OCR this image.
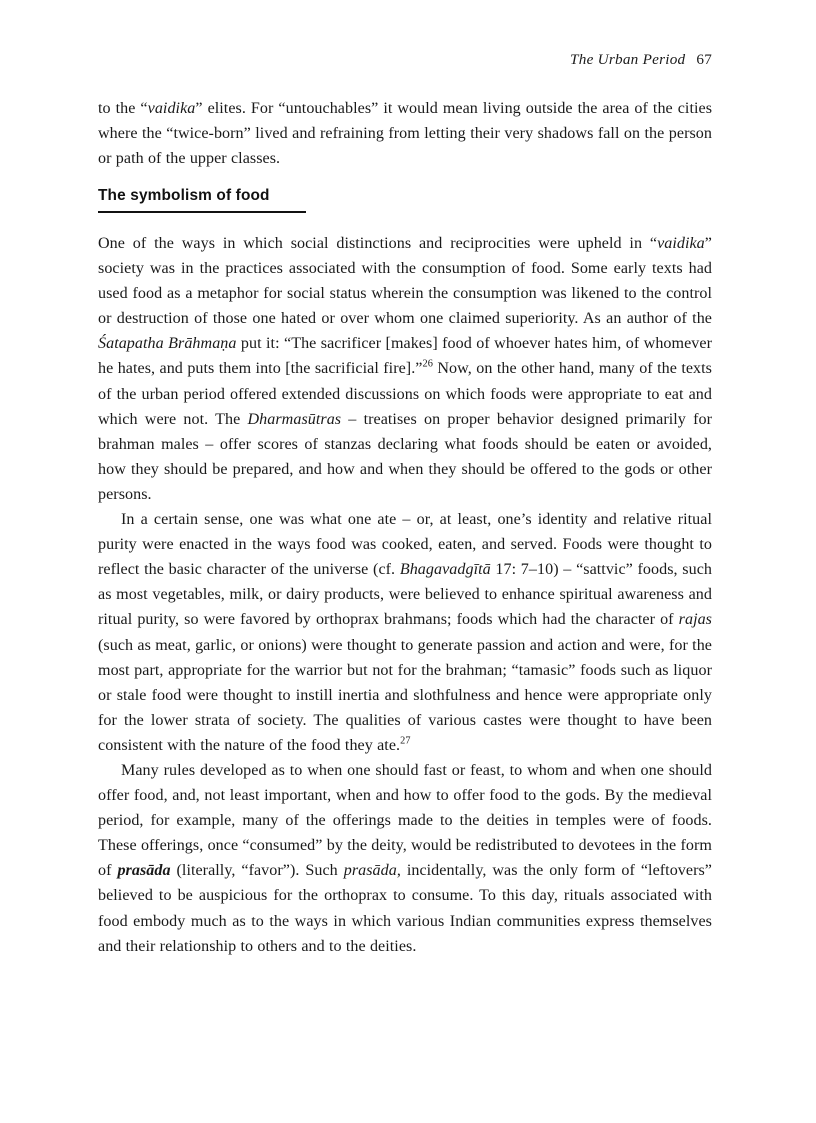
The Urban Period 67

to the “vaidika” elites. For “untouchables” it would mean living outside the area of the cities where the “twice-born” lived and refraining from letting their very shadows fall on the person or path of the upper classes.

The symbolism of food

One of the ways in which social distinctions and reciprocities were upheld in “vaidika” society was in the practices associated with the consumption of food. Some early texts had used food as a metaphor for social status wherein the consumption was likened to the control or destruction of those one hated or over whom one claimed superiority. As an author of the Śatapatha Brāhmaṇa put it: “The sacrificer [makes] food of whoever hates him, of whomever he hates, and puts them into [the sacrificial fire].”$^{26}$ Now, on the other hand, many of the texts of the urban period offered extended discussions on which foods were appropriate to eat and which were not. The Dharmasūtras – treatises on proper behavior designed primarily for brahman males – offer scores of stanzas declaring what foods should be eaten or avoided, how they should be prepared, and how and when they should be offered to the gods or other persons.

In a certain sense, one was what one ate – or, at least, one’s identity and relative ritual purity were enacted in the ways food was cooked, eaten, and served. Foods were thought to reflect the basic character of the universe (cf. Bhagavadgītā 17: 7–10) – “sattvic” foods, such as most vegetables, milk, or dairy products, were believed to enhance spiritual awareness and ritual purity, so were favored by orthoprax brahmans; foods which had the character of rajas (such as meat, garlic, or onions) were thought to generate passion and action and were, for the most part, appropriate for the warrior but not for the brahman; “tamasic” foods such as liquor or stale food were thought to instill inertia and slothfulness and hence were appropriate only for the lower strata of society. The qualities of various castes were thought to have been consistent with the nature of the food they ate.$^{27}$

Many rules developed as to when one should fast or feast, to whom and when one should offer food, and, not least important, when and how to offer food to the gods. By the medieval period, for example, many of the offerings made to the deities in temples were of foods. These offerings, once “consumed” by the deity, would be redistributed to devotees in the form of prasāda (literally, “favor”). Such prasāda, incidentally, was the only form of “leftovers” believed to be auspicious for the orthoprax to consume. To this day, rituals associated with food embody much as to the ways in which various Indian communities express themselves and their relationship to others and to the deities.
